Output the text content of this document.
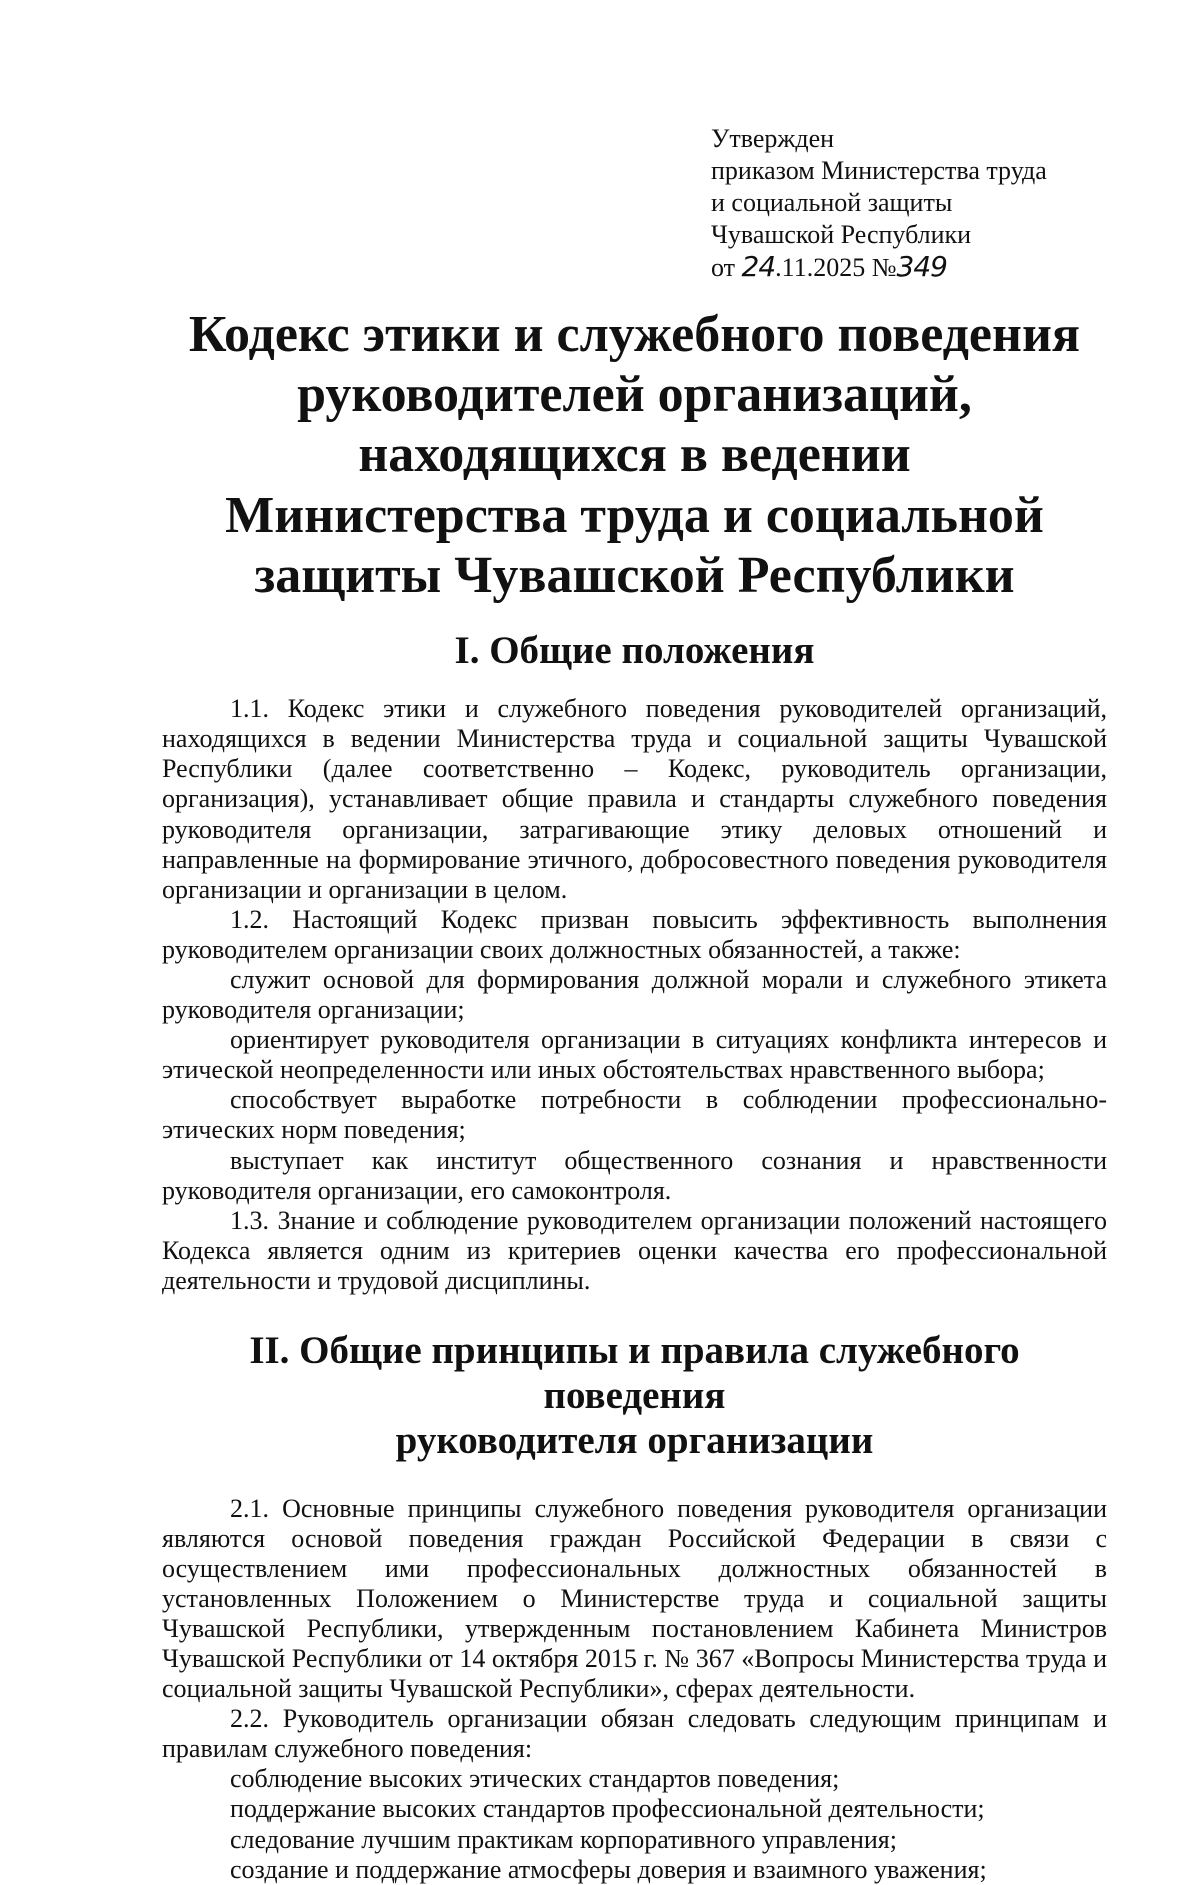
Утвержден
приказом Министерства труда
и социальной защиты
Чувашской Республики
от 24.11.2025 №349
Кодекс этики и служебного поведения
руководителей организаций, находящихся в ведении
Министерства труда и социальной защиты Чувашской Республики
I. Общие положения

1.1. Кодекс этики и служебного поведения руководителей организаций, находящихся в ведении Министерства труда и социальной защиты Чувашской Республики (далее соответственно – Кодекс, руководитель организации, организация), устанавливает общие правила и стандарты служебного поведения руководителя организации, затрагивающие этику деловых отношений и направленные на формирование этичного, добросовестного поведения руководителя организации и организации в целом.

1.2. Настоящий Кодекс призван повысить эффективность выполнения руководителем организации своих должностных обязанностей, а также:

служит основой для формирования должной морали и служебного этикета руководителя организации;

ориентирует руководителя организации в ситуациях конфликта интересов и этической неопределенности или иных обстоятельствах нравственного выбора;

способствует выработке потребности в соблюдении профессионально-этических норм поведения;

выступает как институт общественного сознания и нравственности руководителя организации, его самоконтроля.

1.3. Знание и соблюдение руководителем организации положений настоящего Кодекса является одним из критериев оценки качества его профессиональной деятельности и трудовой дисциплины.

II. Общие принципы и правила служебного поведения
руководителя организации

2.1. Основные принципы служебного поведения руководителя организации являются основой поведения граждан Российской Федерации в связи с осуществлением ими профессиональных должностных обязанностей в установленных Положением о Министерстве труда и социальной защиты Чувашской Республики, утвержденным постановлением Кабинета Министров Чувашской Республики от 14 октября 2015 г. № 367 «Вопросы Министерства труда и социальной защиты Чувашской Республики», сферах деятельности.

2.2. Руководитель организации обязан следовать следующим принципам и правилам служебного поведения:

соблюдение высоких этических стандартов поведения;

поддержание высоких стандартов профессиональной деятельности;

следование лучшим практикам корпоративного управления;

создание и поддержание атмосферы доверия и взаимного уважения;
